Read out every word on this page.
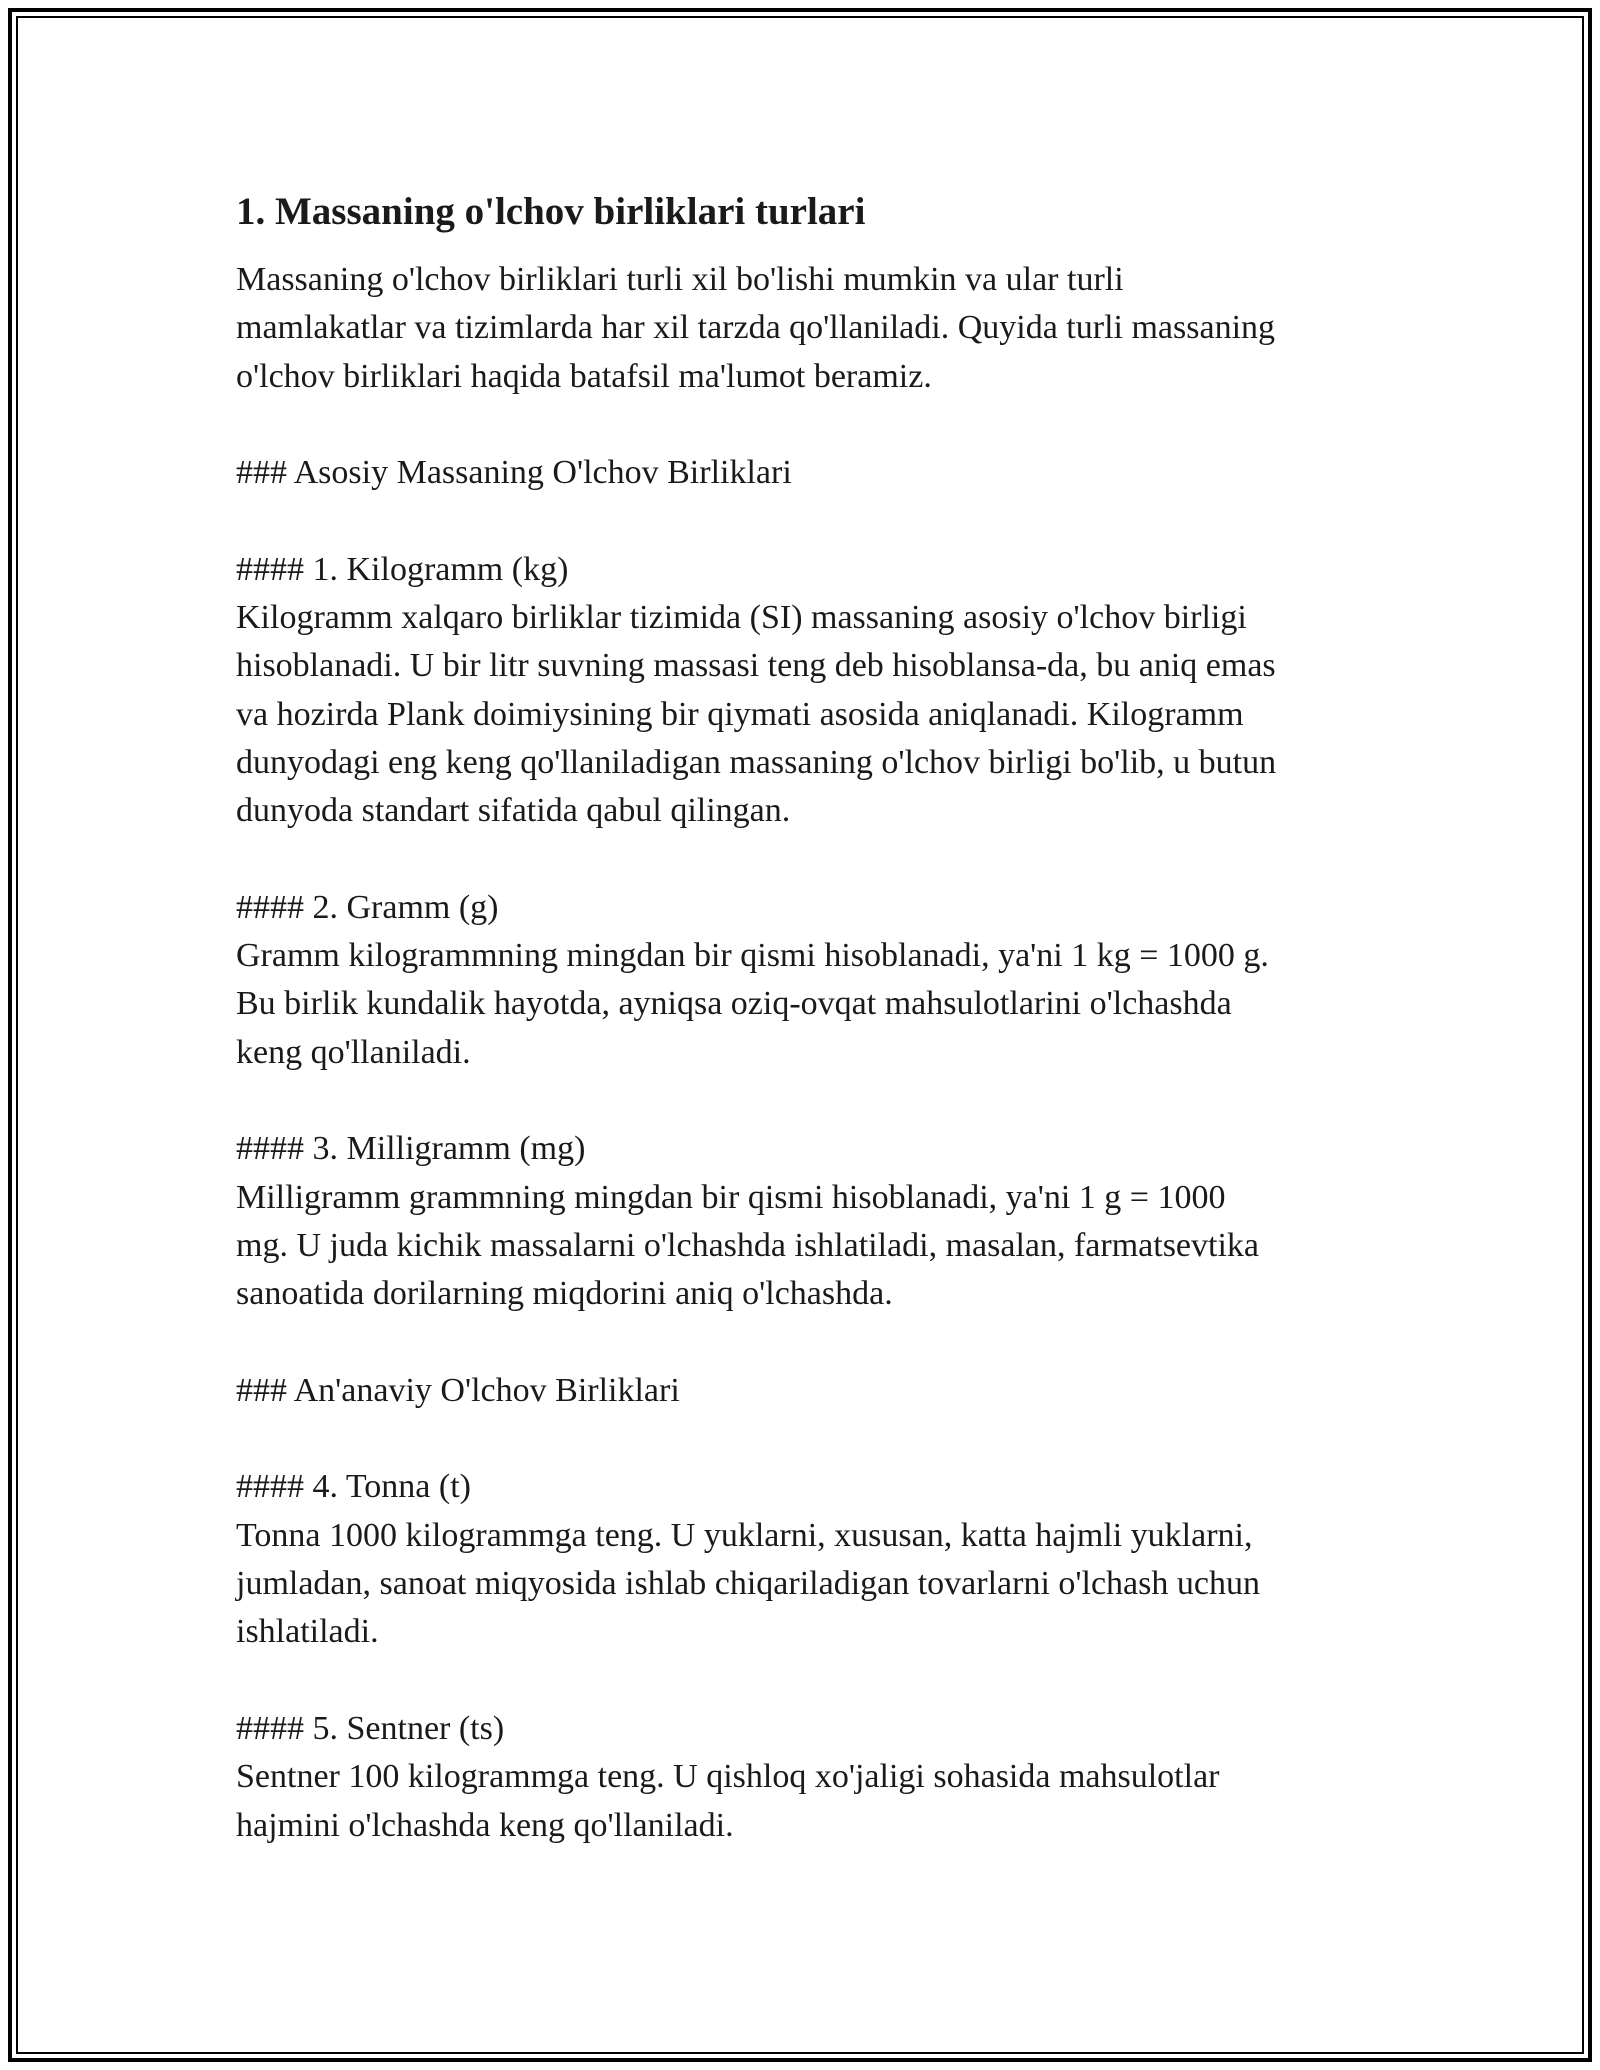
1. Massaning o'lchov birliklari turlari
Massaning o'lchov birliklari turli xil bo'lishi mumkin va ular turli
mamlakatlar va tizimlarda har xil tarzda qo'llaniladi. Quyida turli massaning
o'lchov birliklari haqida batafsil ma'lumot beramiz.
### Asosiy Massaning O'lchov Birliklari
#### 1. Kilogramm (kg)
Kilogramm xalqaro birliklar tizimida (SI) massaning asosiy o'lchov birligi
hisoblanadi. U bir litr suvning massasi teng deb hisoblansa-da, bu aniq emas
va hozirda Plank doimiysining bir qiymati asosida aniqlanadi. Kilogramm
dunyodagi eng keng qo'llaniladigan massaning o'lchov birligi bo'lib, u butun
dunyoda standart sifatida qabul qilingan.
#### 2. Gramm (g)
Gramm kilogrammning mingdan bir qismi hisoblanadi, ya'ni 1 kg = 1000 g.
Bu birlik kundalik hayotda, ayniqsa oziq-ovqat mahsulotlarini o'lchashda
keng qo'llaniladi.
#### 3. Milligramm (mg)
Milligramm grammning mingdan bir qismi hisoblanadi, ya'ni 1 g = 1000
mg. U juda kichik massalarni o'lchashda ishlatiladi, masalan, farmatsevtika
sanoatida dorilarning miqdorini aniq o'lchashda.
### An'anaviy O'lchov Birliklari
#### 4. Tonna (t)
Tonna 1000 kilogrammga teng. U yuklarni, xususan, katta hajmli yuklarni,
jumladan, sanoat miqyosida ishlab chiqariladigan tovarlarni o'lchash uchun
ishlatiladi.
#### 5. Sentner (ts)
Sentner 100 kilogrammga teng. U qishloq xo'jaligi sohasida mahsulotlar
hajmini o'lchashda keng qo'llaniladi.
